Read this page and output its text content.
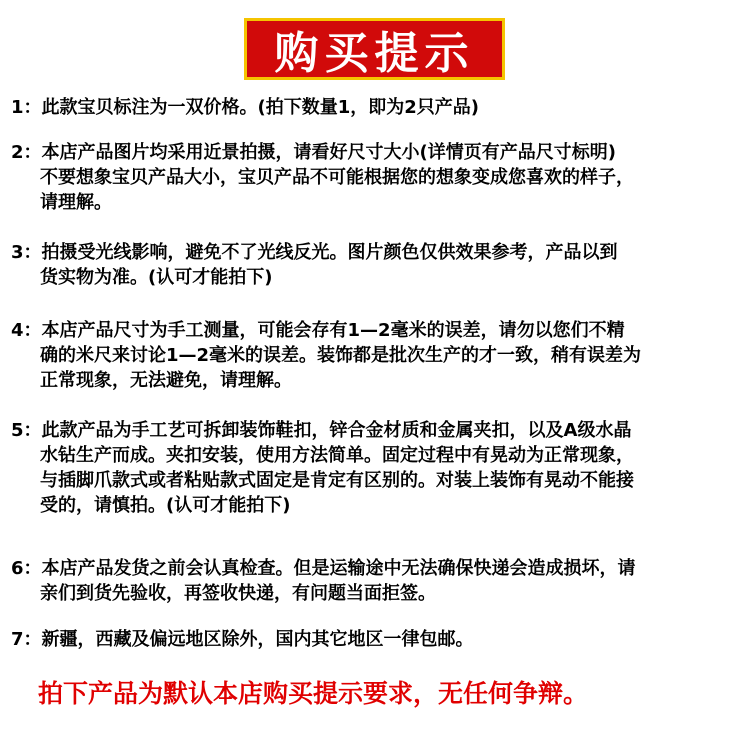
购买提示
1：此款宝贝标注为一双价格。(拍下数量1，即为2只产品)
2：本店产品图片均采用近景拍摄，请看好尺寸大小(详情页有产品尺寸标明)
不要想象宝贝产品大小，宝贝产品不可能根据您的想象变成您喜欢的样子，
请理解。
3：拍摄受光线影响，避免不了光线反光。图片颜色仅供效果参考，产品以到
货实物为准。(认可才能拍下)
4：本店产品尺寸为手工测量，可能会存有1—2毫米的误差，请勿以您们不精
确的米尺来讨论1—2毫米的误差。装饰都是批次生产的才一致，稍有误差为
正常现象，无法避免，请理解。
5：此款产品为手工艺可拆卸装饰鞋扣，锌合金材质和金属夹扣，以及A级水晶
水钻生产而成。夹扣安装，使用方法简单。固定过程中有晃动为正常现象，
与插脚爪款式或者粘贴款式固定是肯定有区别的。对装上装饰有晃动不能接
受的，请慎拍。(认可才能拍下)
6：本店产品发货之前会认真检查。但是运输途中无法确保快递会造成损坏，请
亲们到货先验收，再签收快递，有问题当面拒签。
7：新疆，西藏及偏远地区除外，国内其它地区一律包邮。
拍下产品为默认本店购买提示要求，无任何争辩。
